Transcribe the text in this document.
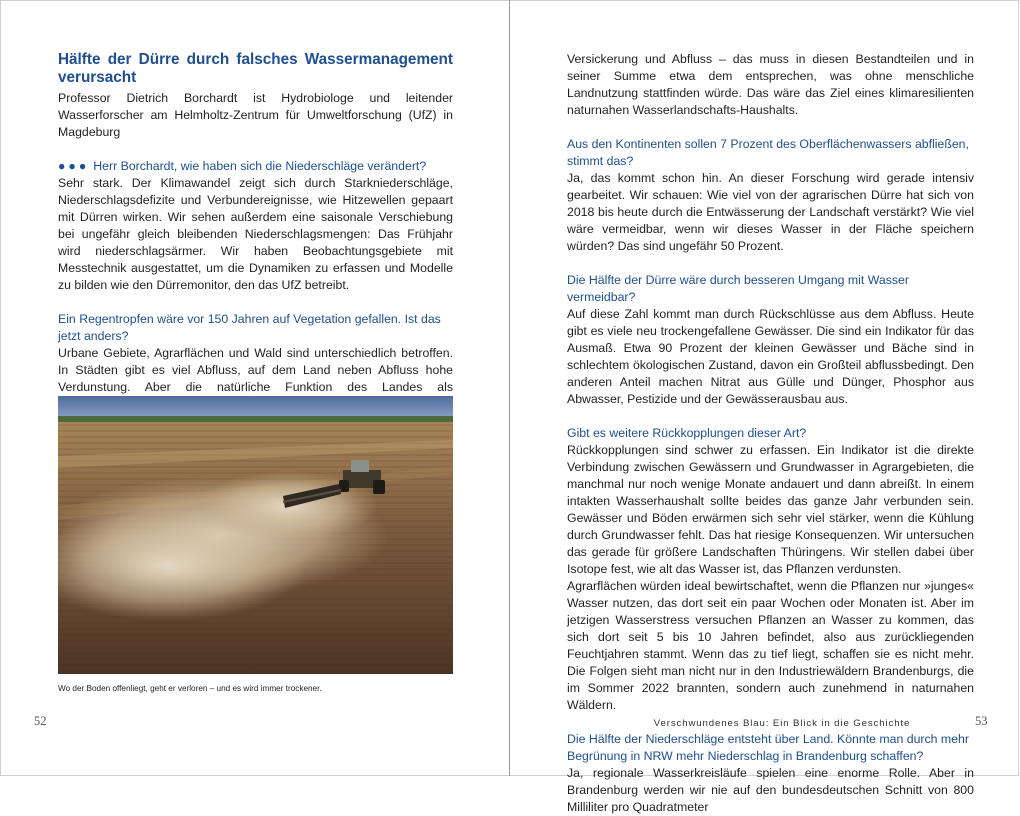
Hälfte der Dürre durch falsches Wassermanagement verursacht

Professor Dietrich Borchardt ist Hydrobiologe und leitender Wasserforscher am Helmholtz-Zentrum für Umweltforschung (UfZ) in Magdeburg

●●● Herr Borchardt, wie haben sich die Niederschläge verändert?

Sehr stark. Der Klimawandel zeigt sich durch Starkniederschläge, Niederschlagsdefizite und Verbundereignisse, wie Hitzewellen gepaart mit Dürren wirken. Wir sehen außerdem eine saisonale Verschiebung bei ungefähr gleich bleibenden Niederschlagsmengen: Das Frühjahr wird niederschlagsärmer. Wir haben Beobachtungsgebiete mit Messtechnik ausgestattet, um die Dynamiken zu erfassen und Modelle zu bilden wie den Dürremonitor, den das UfZ betreibt.

Ein Regentropfen wäre vor 150 Jahren auf Vegetation gefallen. Ist das jetzt anders?

Urbane Gebiete, Agrarflächen und Wald sind unterschiedlich betroffen. In Städten gibt es viel Abfluss, auf dem Land neben Abfluss hohe Verdunstung. Aber die natürliche Funktion des Landes als

Wo der Boden offenliegt, geht er verloren – und es wird immer trockener.

52

Versickerung und Abfluss – das muss in diesen Bestandteilen und in seiner Summe etwa dem entsprechen, was ohne menschliche Landnutzung stattfinden würde. Das wäre das Ziel eines klimaresilienten naturnahen Wasserlandschafts-Haushalts.

Aus den Kontinenten sollen 7 Prozent des Oberflächenwassers abfließen, stimmt das?

Ja, das kommt schon hin. An dieser Forschung wird gerade intensiv gearbeitet. Wir schauen: Wie viel von der agrarischen Dürre hat sich von 2018 bis heute durch die Entwässerung der Landschaft verstärkt? Wie viel wäre vermeidbar, wenn wir dieses Wasser in der Fläche speichern würden? Das sind ungefähr 50 Prozent.

Die Hälfte der Dürre wäre durch besseren Umgang mit Wasser vermeidbar?

Auf diese Zahl kommt man durch Rückschlüsse aus dem Abfluss. Heute gibt es viele neu trockengefallene Gewässer. Die sind ein Indikator für das Ausmaß. Etwa 90 Prozent der kleinen Gewässer und Bäche sind in schlechtem ökologischen Zustand, davon ein Großteil abflussbedingt. Den anderen Anteil machen Nitrat aus Gülle und Dünger, Phosphor aus Abwasser, Pestizide und der Gewässerausbau aus.

Gibt es weitere Rückkopplungen dieser Art?

Rückkopplungen sind schwer zu erfassen. Ein Indikator ist die direkte Verbindung zwischen Gewässern und Grundwasser in Agrargebieten, die manchmal nur noch wenige Monate andauert und dann abreißt. In einem intakten Wasserhaushalt sollte beides das ganze Jahr verbunden sein. Gewässer und Böden erwärmen sich sehr viel stärker, wenn die Kühlung durch Grundwasser fehlt. Das hat riesige Konsequenzen. Wir untersuchen das gerade für größere Landschaften Thüringens. Wir stellen dabei über Isotope fest, wie alt das Wasser ist, das Pflanzen verdunsten.

Agrarflächen würden ideal bewirtschaftet, wenn die Pflanzen nur »junges« Wasser nutzen, das dort seit ein paar Wochen oder Monaten ist. Aber im jetzigen Wasserstress versuchen Pflanzen an Wasser zu kommen, das sich dort seit 5 bis 10 Jahren befindet, also aus zurückliegenden Feuchtjahren stammt. Wenn das zu tief liegt, schaffen sie es nicht mehr. Die Folgen sieht man nicht nur in den Industriewäldern Brandenburgs, die im Sommer 2022 brannten, sondern auch zunehmend in naturnahen Wäldern.

Die Hälfte der Niederschläge entsteht über Land. Könnte man durch mehr Begrünung in NRW mehr Niederschlag in Brandenburg schaffen?

Ja, regionale Wasserkreisläufe spielen eine enorme Rolle. Aber in Brandenburg werden wir nie auf den bundesdeutschen Schnitt von 800 Milliliter pro Quadratmeter

Verschwundenes Blau: Ein Blick in die Geschichte	53
